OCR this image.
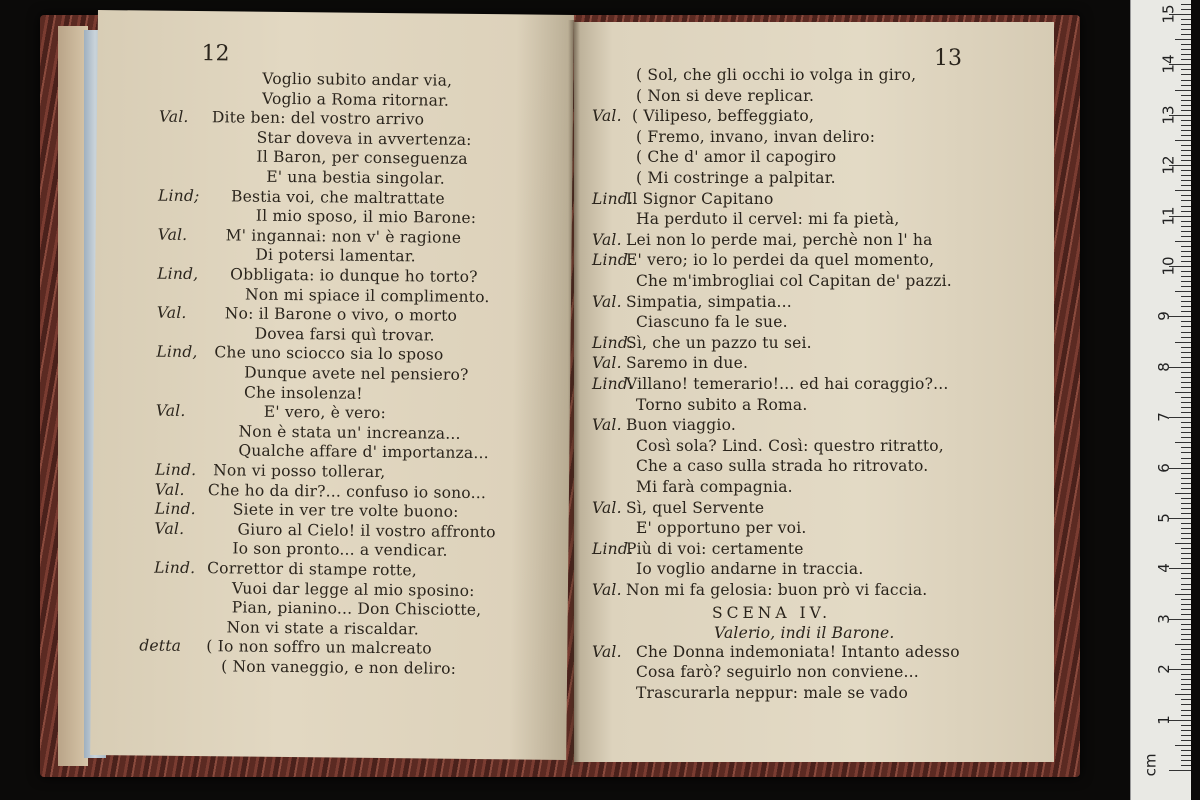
12
Voglio subito andar via,
Voglio a Roma ritornar.
Val. Dite ben: del vostro arrivo
Star doveva in avvertenza:
Il Baron, per conseguenza
E' una bestia singolar.
Lind; Bestia voi, che maltrattate
Il mio sposo, il mio Barone:
Val. M' ingannai: non v' è ragione
Di potersi lamentar.
Lind, Obbligata: io dunque ho torto?
Non mi spiace il complimento.
Val. No: il Barone o vivo, o morto
Dovea farsi quì trovar.
Lind, Che uno sciocco sia lo sposo
Dunque avete nel pensiero?
Che insolenza!
Val.	E' vero, è vero:
Non è stata un' increanza...
Qualche affare d' importanza...
Lind. Non vi posso tollerar,
Val. Che ho da dir?... confuso io sono...
Lind. Siete in ver tre volte buono:
Val.	Giuro al Cielo! il vostro affronto
Io son pronto... a vendicar.
Lind. Correttor di stampe rotte,
Vuoi dar legge al mio sposino:
Pian, pianino... Don Chisciotte,
Non vi state a riscaldar.
detta ( Io non soffro un malcreato
( Non vaneggio, e non deliro:
13
( Sol, che gli occhi io volga in giro,
( Non si deve replicar.
Val. ( Vilipeso, beffeggiato,
( Fremo, invano, invan deliro:
( Che d' amor il capogiro
( Mi costringe a palpitar.
Lind.
Il Signor Capitano
Ha perduto il cervel: mi fa pietà,
Val. Lei non lo perde mai, perchè non l' ha
Lind.
E' vero; io lo perdei da quel momento,
Che m'imbrogliai col Capitan de' pazzi.
Val. Simpatia, simpatia...
Ciascuno fa le sue.
Lind.
Sì, che un pazzo tu sei.
Val. Saremo in due.
Lind.
Villano! temerario!... ed hai coraggio?...
Torno subito a Roma.
Val. Buon viaggio.
Così sola? Lind. Così: questro ritratto,
Che a caso sulla strada ho ritrovato.
Mi farà compagnia.
Val. Sì, quel Servente
E' opportuno per voi.
Lind.
Più di voi: certamente
Io voglio andarne in traccia.
Val. Non mi fa gelosia: buon prò vi faccia.
SCENA IV.
Valerio, indi il Barone.
Val. Che Donna indemoniata! Intanto adesso
Cosa farò? seguirlo non conviene...
Trascurarla neppur: male se vado
cm
1
2
3
4
5
6
7
8
9
10
11
12
13
14
15
